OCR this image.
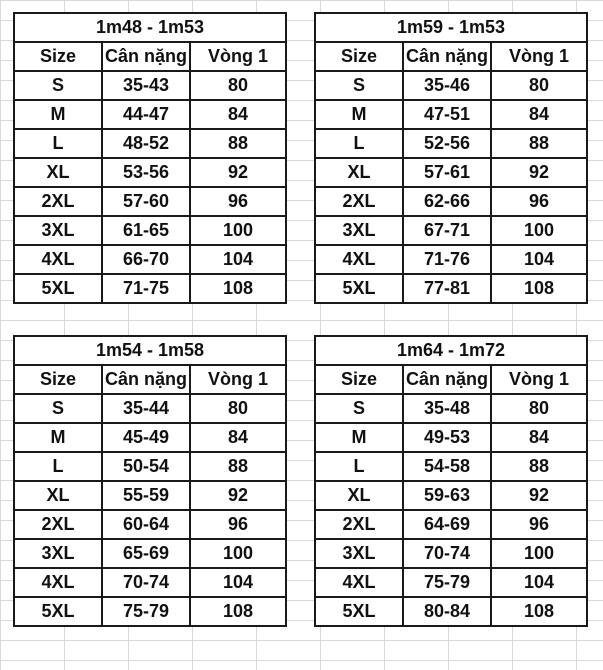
1m48 - 1m53		
Size	Cân nặng	Vòng 1
S	35-43	80
M	44-47	84
L	48-52	88
XL	53-56	92
2XL	57-60	96
3XL	61-65	100
4XL	66-70	104
5XL	71-75	108
1m59 - 1m53		
Size	Cân nặng	Vòng 1
S	35-46	80
M	47-51	84
L	52-56	88
XL	57-61	92
2XL	62-66	96
3XL	67-71	100
4XL	71-76	104
5XL	77-81	108
1m54 - 1m58		
Size	Cân nặng	Vòng 1
S	35-44	80
M	45-49	84
L	50-54	88
XL	55-59	92
2XL	60-64	96
3XL	65-69	100
4XL	70-74	104
5XL	75-79	108
1m64 - 1m72		
Size	Cân nặng	Vòng 1
S	35-48	80
M	49-53	84
L	54-58	88
XL	59-63	92
2XL	64-69	96
3XL	70-74	100
4XL	75-79	104
5XL	80-84	108
